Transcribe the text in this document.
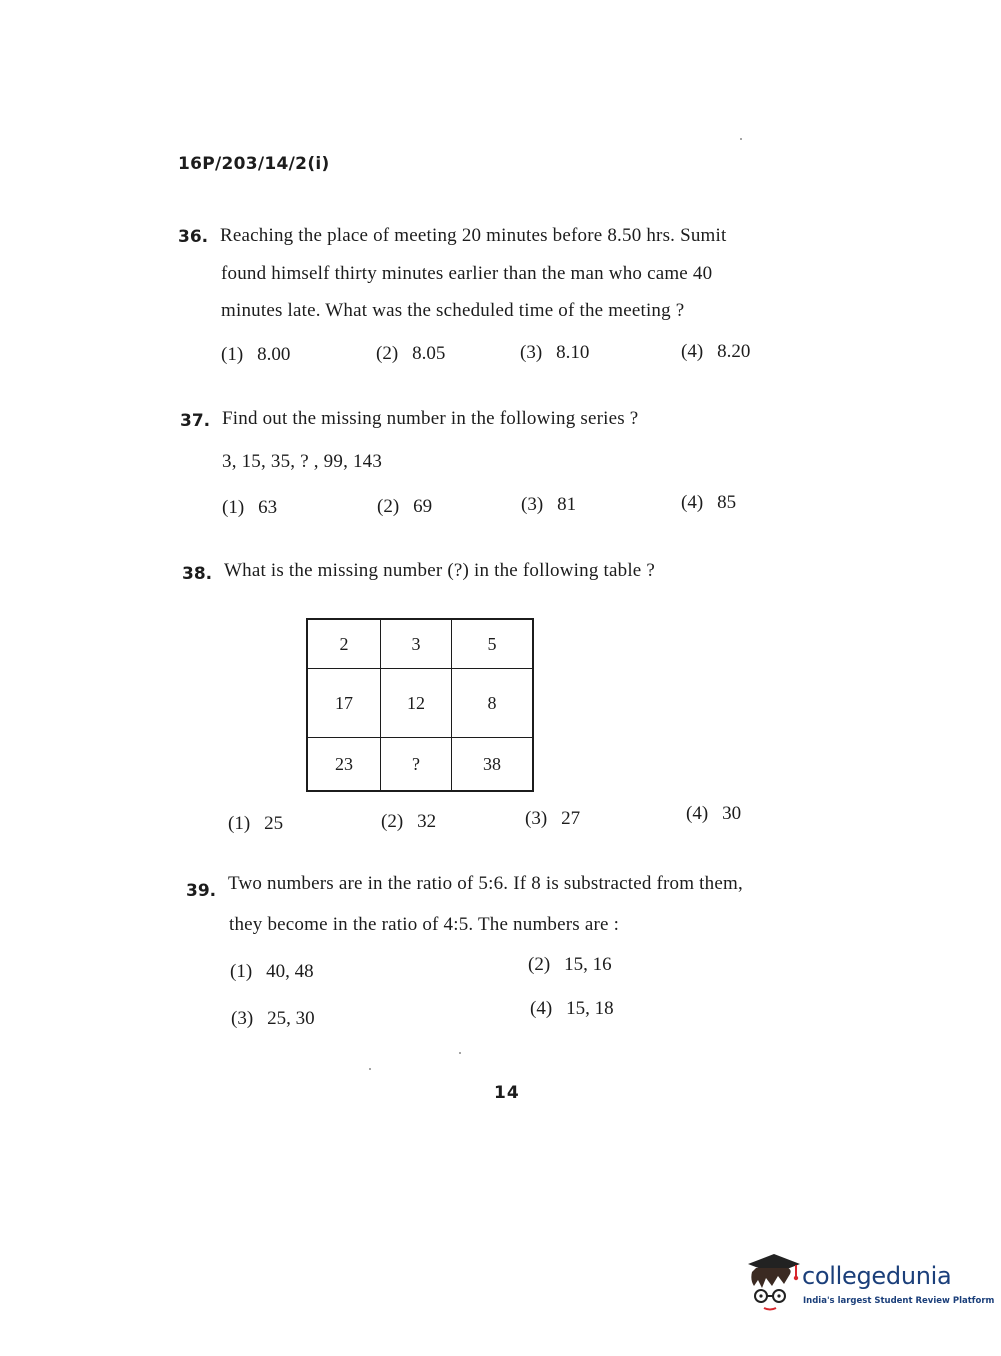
16P/203/14/2(i)
36. Reaching the place of meeting 20 minutes before 8.50 hrs. Sumit
found himself thirty minutes earlier than the man who came 40
minutes late. What was the scheduled time of the meeting ?
(1) 8.00	(2) 8.05	(3) 8.10	(4) 8.20
37. Find out the missing number in the following series ?
3, 15, 35, ? , 99, 143
(1) 63	(2) 69	(3) 81	(4) 85
38. What is the missing number (?) in the following table ?
2	3	5
17	12	8
23	?	38
(1) 25	(2) 32	(3) 27	(4) 30
39. Two numbers are in the ratio of 5:6. If 8 is substracted from them,
they become in the ratio of 4:5. The numbers are :
(1) 40, 48	(2) 15, 16
(3) 25, 30	(4) 15, 18
14
collegedunia
India's largest Student Review Platform
